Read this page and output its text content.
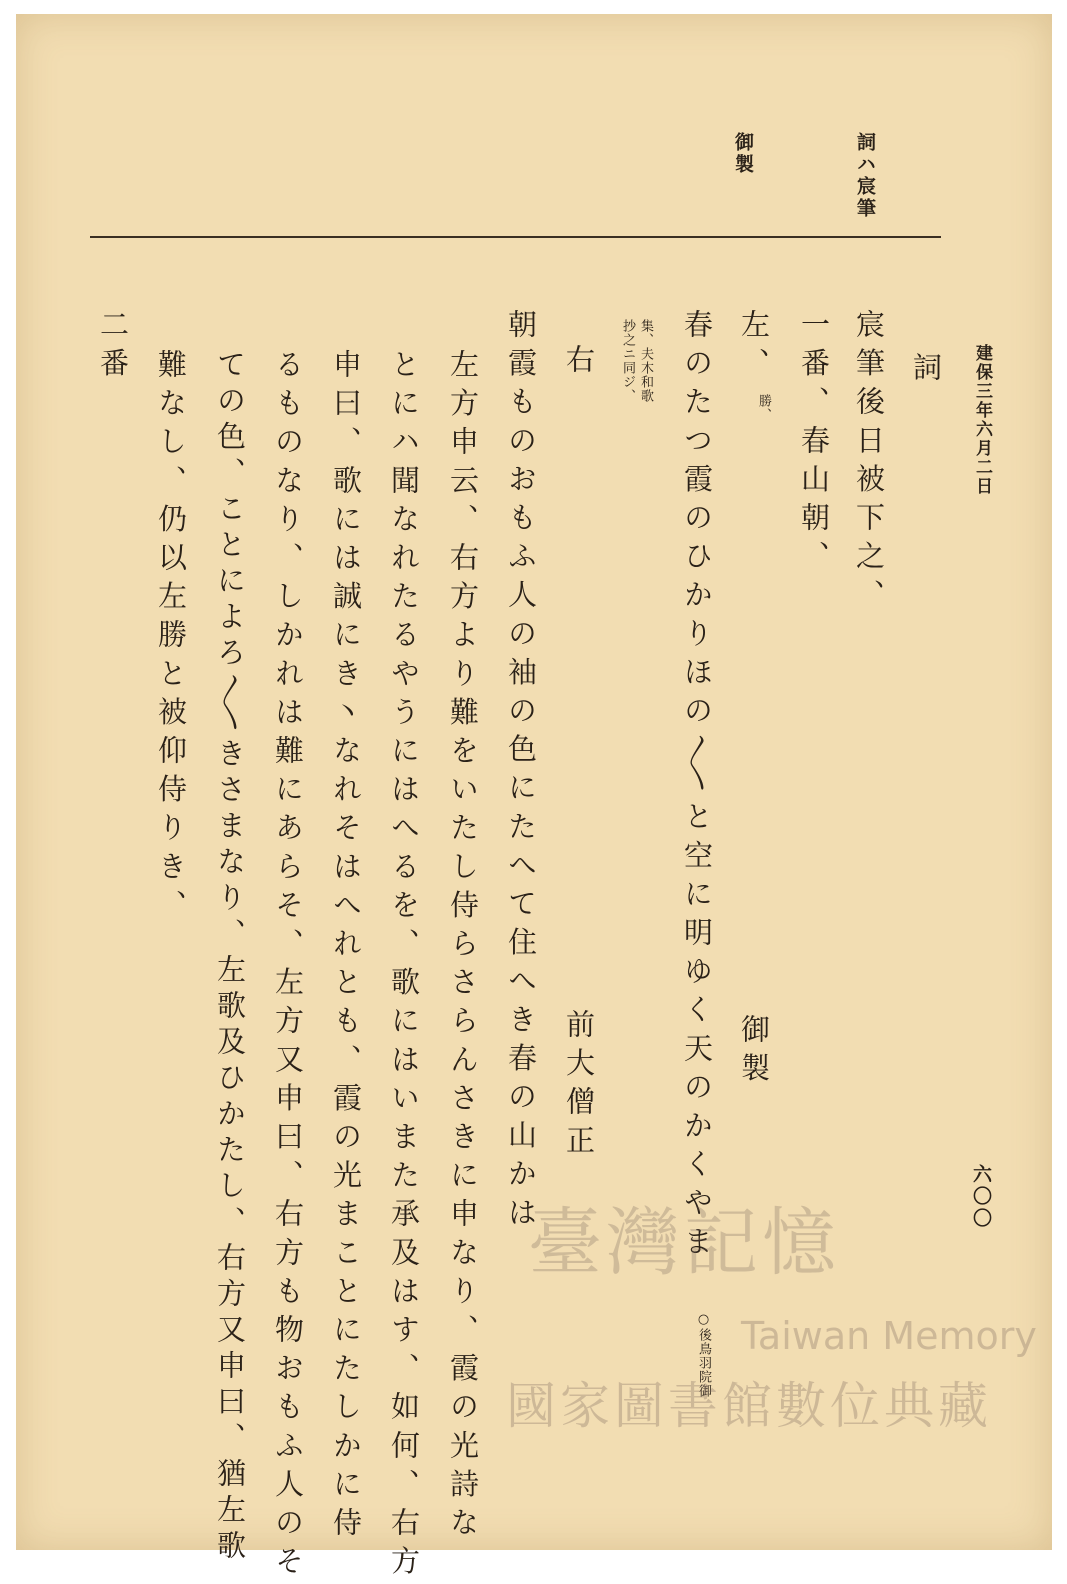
詞ハ宸筆
御製
六〇〇
建保三年六月二日
詞
宸筆後日被下之、
一番、春山朝、
左、
勝、
御製
春のたつ霞のひかりほの〳〵と空に明ゆく天のかくやま
○後鳥羽院御
集、夫木和歌
抄之ニ同ジ、
右
前大僧正
朝霞ものおもふ人の袖の色にたへて住へき春の山かは
左方申云、右方より難をいたし侍らさらんさきに申なり、霞の光詩な
とにハ聞なれたるやうにはへるを、歌にはいまた承及はす、如何、右方
申曰、歌には誠にき丶なれそはへれとも、霞の光まことにたしかに侍
るものなり、しかれは難にあらそ、左方又申曰、右方も物おもふ人のそ
ての色、ことによろ〳〵きさまなり、左歌及ひかたし、右方又申曰、猶左歌
難なし、仍以左勝と被仰侍りき、
二番
臺灣記憶
Taiwan Memory
國家圖書館數位典藏
